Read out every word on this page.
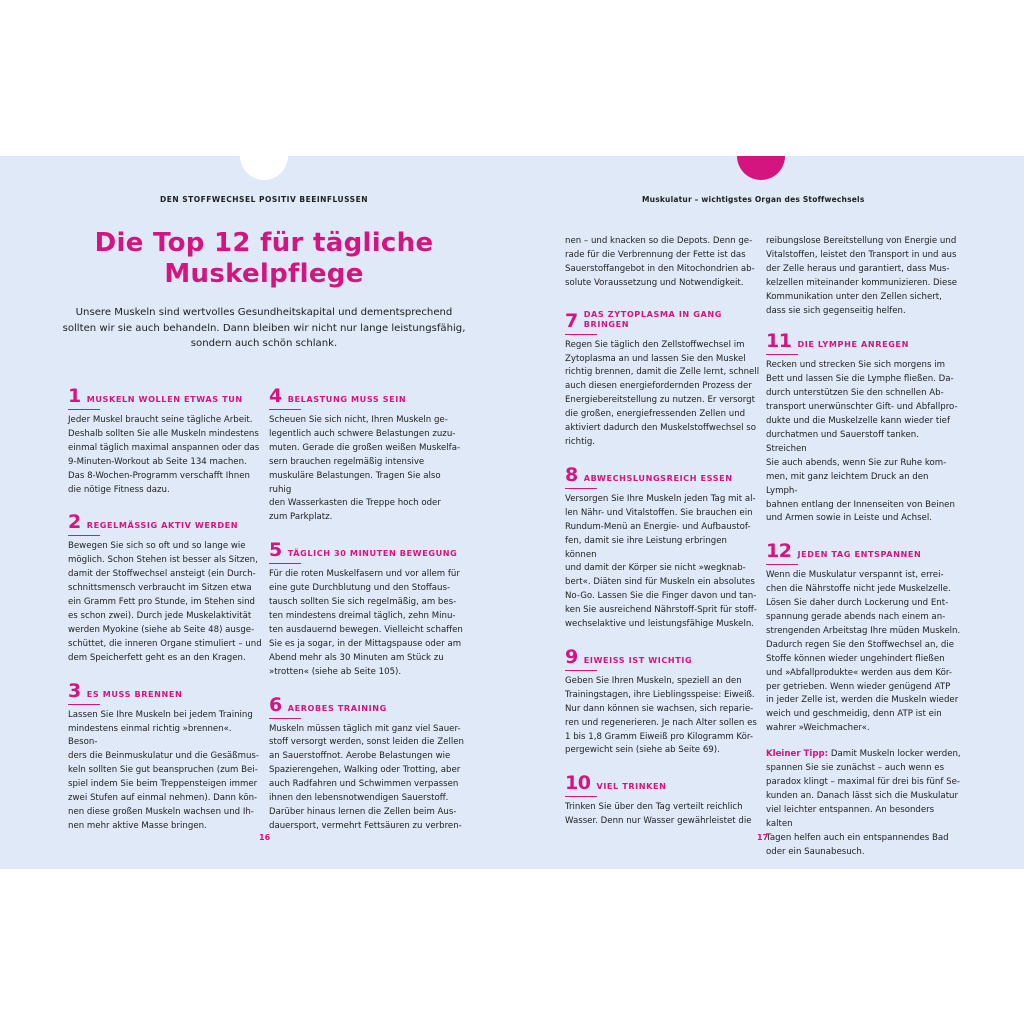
DEN STOFFWECHSEL POSITIV BEEINFLUSSEN	Muskulatur – wichtigstes Organ des Stoffwechsels
Die Top 12 für tägliche
Muskelpflege
Unsere Muskeln sind wertvolles Gesundheitskapital und dementsprechend
sollten wir sie auch behandeln. Dann bleiben wir nicht nur lange leistungsfähig,
sondern auch schön schlank.
1 MUSKELN WOLLEN ETWAS TUN
Jeder Muskel braucht seine tägliche Arbeit.
Deshalb sollten Sie alle Muskeln mindestens
einmal täglich maximal anspannen oder das
9-Minuten-Workout ab Seite 134 machen.
Das 8-Wochen-Programm verschafft Ihnen
die nötige Fitness dazu.
2 REGELMÄSSIG AKTIV WERDEN
Bewegen Sie sich so oft und so lange wie
möglich. Schon Stehen ist besser als Sitzen,
damit der Stoffwechsel ansteigt (ein Durch-
schnittsmensch verbraucht im Sitzen etwa
ein Gramm Fett pro Stunde, im Stehen sind
es schon zwei). Durch jede Muskelaktivität
werden Myokine (siehe ab Seite 48) ausge-
schüttet, die inneren Organe stimuliert – und
dem Speicherfett geht es an den Kragen.
3 ES MUSS BRENNEN
Lassen Sie Ihre Muskeln bei jedem Training
mindestens einmal richtig »brennen«. Beson-
ders die Beinmuskulatur und die Gesäßmus-
keln sollten Sie gut beanspruchen (zum Bei-
spiel indem Sie beim Treppensteigen immer
zwei Stufen auf einmal nehmen). Dann kön-
nen diese großen Muskeln wachsen und Ih-
nen mehr aktive Masse bringen.
4 BELASTUNG MUSS SEIN
Scheuen Sie sich nicht, Ihren Muskeln ge-
legentlich auch schwere Belastungen zuzu-
muten. Gerade die großen weißen Muskelfa-
sern brauchen regelmäßig intensive
muskuläre Belastungen. Tragen Sie also ruhig
den Wasserkasten die Treppe hoch oder
zum Parkplatz.
5 TÄGLICH 30 MINUTEN BEWEGUNG
Für die roten Muskelfasern und vor allem für
eine gute Durchblutung und den Stoffaus-
tausch sollten Sie sich regelmäßig, am bes-
ten mindestens dreimal täglich, zehn Minu-
ten ausdauernd bewegen. Vielleicht schaffen
Sie es ja sogar, in der Mittagspause oder am
Abend mehr als 30 Minuten am Stück zu
»trotten« (siehe ab Seite 105).
6 AEROBES TRAINING
Muskeln müssen täglich mit ganz viel Sauer-
stoff versorgt werden, sonst leiden die Zellen
an Sauerstoffnot. Aerobe Belastungen wie
Spazierengehen, Walking oder Trotting, aber
auch Radfahren und Schwimmen verpassen
ihnen den lebensnotwendigen Sauerstoff.
Darüber hinaus lernen die Zellen beim Aus-
dauersport, vermehrt Fettsäuren zu verbren-
nen – und knacken so die Depots. Denn ge-
rade für die Verbrennung der Fette ist das
Sauerstoffangebot in den Mitochondrien ab-
solute Voraussetzung und Notwendigkeit.
7 DAS ZYTOPLASMA IN GANG
BRINGEN
Regen Sie täglich den Zellstoffwechsel im
Zytoplasma an und lassen Sie den Muskel
richtig brennen, damit die Zelle lernt, schnell
auch diesen energiefordernden Prozess der
Energiebereitstellung zu nutzen. Er versorgt
die großen, energiefressenden Zellen und
aktiviert dadurch den Muskelstoffwechsel so
richtig.
8 ABWECHSLUNGSREICH ESSEN
Versorgen Sie Ihre Muskeln jeden Tag mit al-
len Nähr- und Vitalstoffen. Sie brauchen ein
Rundum-Menü an Energie- und Aufbaustof-
fen, damit sie ihre Leistung erbringen können
und damit der Körper sie nicht »wegknab-
bert«. Diäten sind für Muskeln ein absolutes
No-Go. Lassen Sie die Finger davon und tan-
ken Sie ausreichend Nährstoff-Sprit für stoff-
wechselaktive und leistungsfähige Muskeln.
9 EIWEISS IST WICHTIG
Geben Sie Ihren Muskeln, speziell an den
Trainingstagen, ihre Lieblingsspeise: Eiweiß.
Nur dann können sie wachsen, sich reparie-
ren und regenerieren. Je nach Alter sollen es
1 bis 1,8 Gramm Eiweiß pro Kilogramm Kör-
pergewicht sein (siehe ab Seite 69).
10 VIEL TRINKEN
Trinken Sie über den Tag verteilt reichlich
Wasser. Denn nur Wasser gewährleistet die
reibungslose Bereitstellung von Energie und
Vitalstoffen, leistet den Transport in und aus
der Zelle heraus und garantiert, dass Mus-
kelzellen miteinander kommunizieren. Diese
Kommunikation unter den Zellen sichert,
dass sie sich gegenseitig helfen.
11 DIE LYMPHE ANREGEN
Recken und strecken Sie sich morgens im
Bett und lassen Sie die Lymphe fließen. Da-
durch unterstützen Sie den schnellen Ab-
transport unerwünschter Gift- und Abfallpro-
dukte und die Muskelzelle kann wieder tief
durchatmen und Sauerstoff tanken. Streichen
Sie auch abends, wenn Sie zur Ruhe kom-
men, mit ganz leichtem Druck an den Lymph-
bahnen entlang der Innenseiten von Beinen
und Armen sowie in Leiste und Achsel.
12 JEDEN TAG ENTSPANNEN
Wenn die Muskulatur verspannt ist, errei-
chen die Nährstoffe nicht jede Muskelzelle.
Lösen Sie daher durch Lockerung und Ent-
spannung gerade abends nach einem an-
strengenden Arbeitstag Ihre müden Muskeln.
Dadurch regen Sie den Stoffwechsel an, die
Stoffe können wieder ungehindert fließen
und »Abfallprodukte« werden aus dem Kör-
per getrieben. Wenn wieder genügend ATP
in jeder Zelle ist, werden die Muskeln wieder
weich und geschmeidig, denn ATP ist ein
wahrer »Weichmacher«.
Kleiner Tipp: Damit Muskeln locker werden,
spannen Sie sie zunächst – auch wenn es
paradox klingt – maximal für drei bis fünf Se-
kunden an. Danach lässt sich die Muskulatur
viel leichter entspannen. An besonders kalten
Tagen helfen auch ein entspannendes Bad
oder ein Saunabesuch.
16	17
